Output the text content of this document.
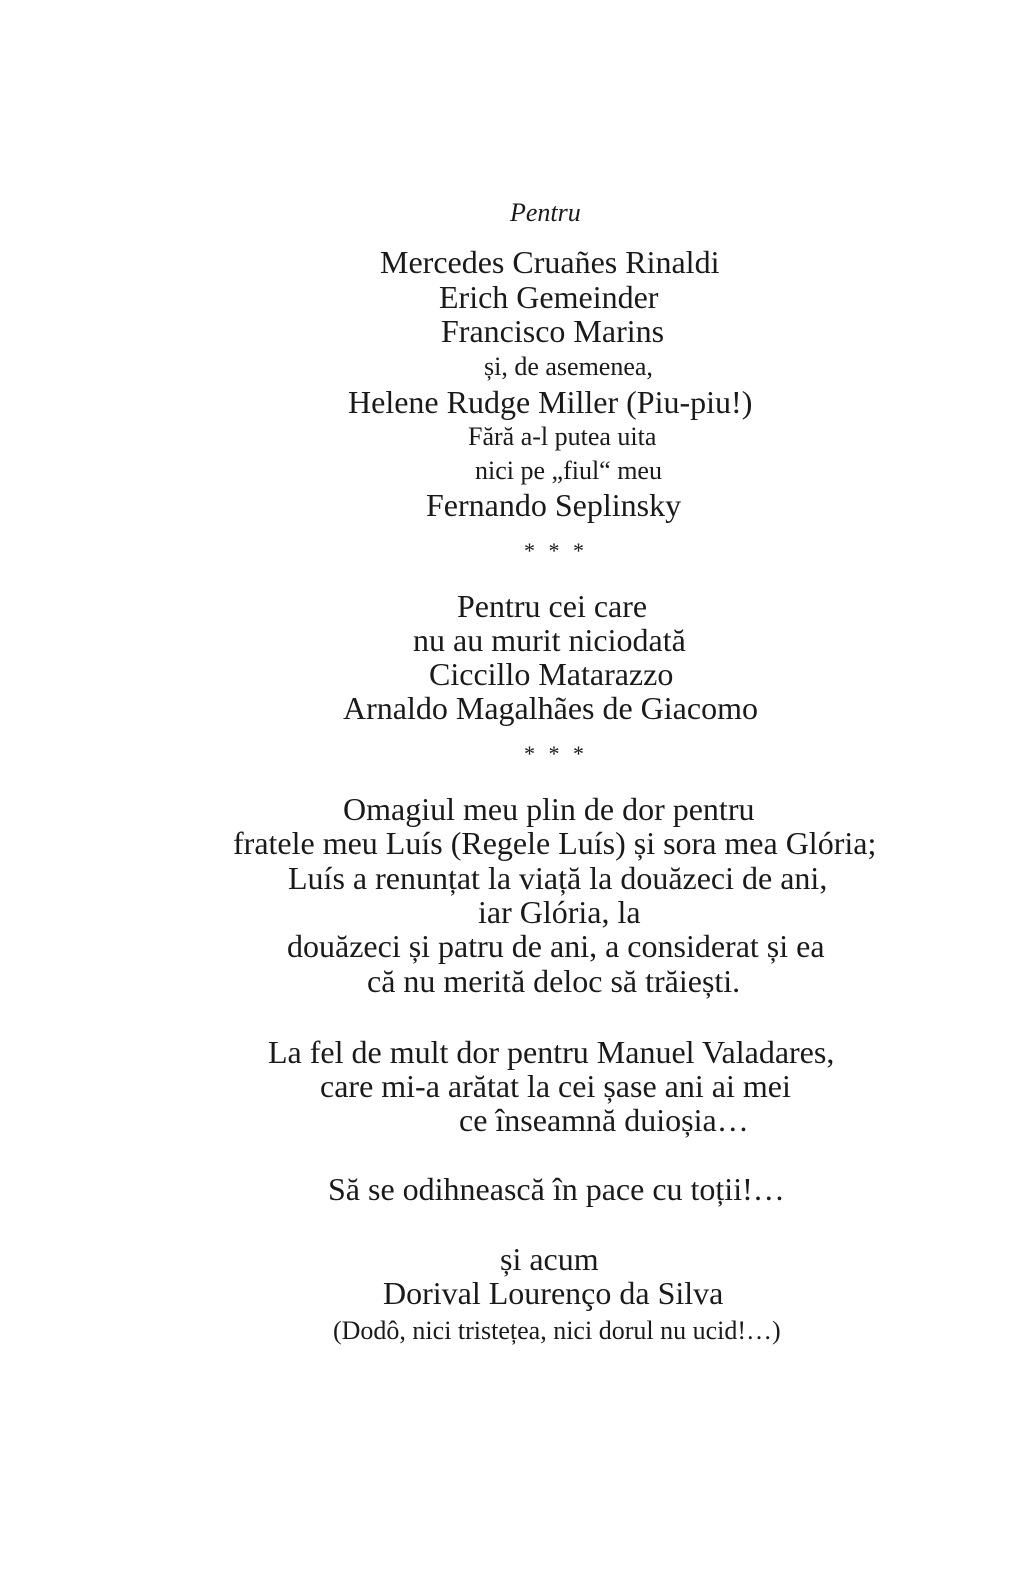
Pentru
Mercedes Cruañes Rinaldi
Erich Gemeinder
Francisco Marins
și, de asemenea,
Helene Rudge Miller (Piu-piu!)
Fără a-l putea uita
nici pe „fiul“ meu
Fernando Seplinsky
* * *
Pentru cei care
nu au murit niciodată
Ciccillo Matarazzo
Arnaldo Magalhães de Giacomo
* * *
Omagiul meu plin de dor pentru
fratele meu Luís (Regele Luís) și sora mea Glória;
Luís a renunțat la viață la douăzeci de ani,
iar Glória, la
douăzeci și patru de ani, a considerat și ea
că nu merită deloc să trăiești.
La fel de mult dor pentru Manuel Valadares,
care mi-a arătat la cei șase ani ai mei
ce înseamnă duioșia…
Să se odihnească în pace cu toții!…
și acum
Dorival Lourenço da Silva
(Dodô, nici tristețea, nici dorul nu ucid!…)
